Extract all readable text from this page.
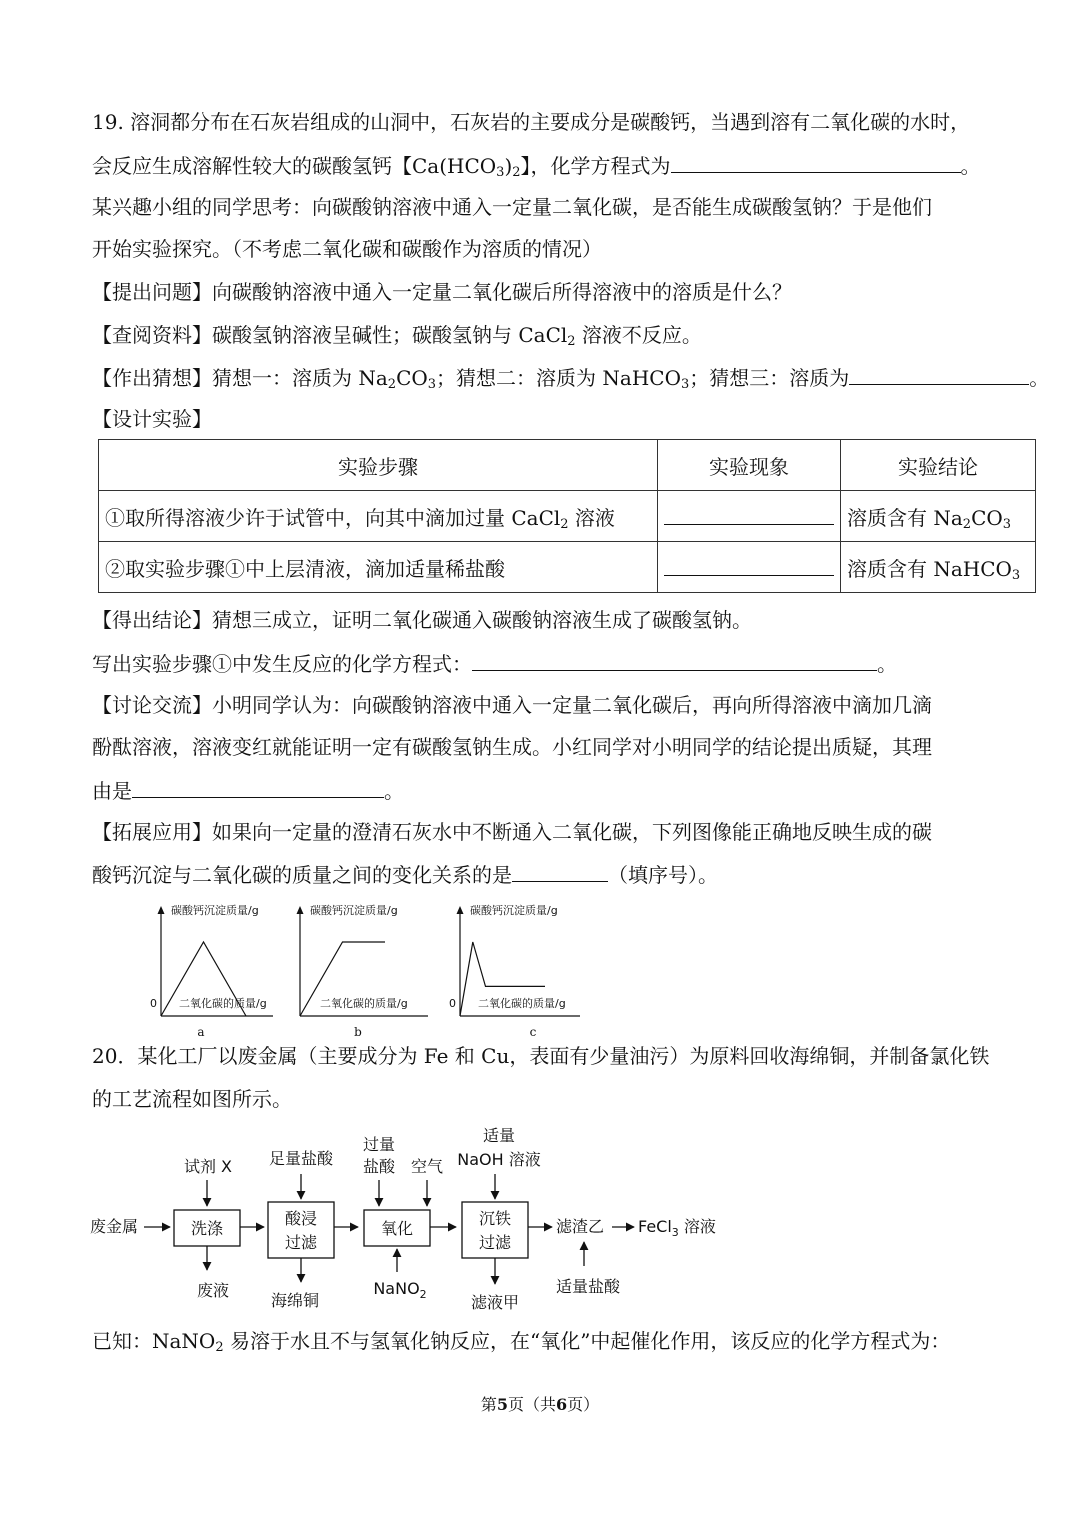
19. 溶洞都分布在石灰岩组成的山洞中，石灰岩的主要成分是碳酸钙，当遇到溶有二氧化碳的水时，
会反应生成溶解性较大的碳酸氢钙【$Ca(HCO_3)_2$】，化学方程式为	。
某兴趣小组的同学思考：向碳酸钠溶液中通入一定量二氧化碳，是否能生成碳酸氢钠？于是他们
开始实验探究。（不考虑二氧化碳和碳酸作为溶质的情况）
【提出问题】向碳酸钠溶液中通入一定量二氧化碳后所得溶液中的溶质是什么？
【查阅资料】碳酸氢钠溶液呈碱性；碳酸氢钠与 CaCl$_2$ 溶液不反应。
【作出猜想】猜想一：溶质为 $Na_2CO_3$；猜想二：溶质为 NaHCO$_3$；猜想三：溶质为	。
【设计实验】
实验步骤	实验现象	实验结论
①取所得溶液少许于试管中，向其中滴加过量 CaCl$_2$ 溶液		溶质含有 $Na_2CO_3$
②取实验步骤①中上层清液，滴加适量稀盐酸		溶质含有 NaHCO$_3$
【得出结论】猜想三成立，证明二氧化碳通入碳酸钠溶液生成了碳酸氢钠。
写出实验步骤①中发生反应的化学方程式：	。
【讨论交流】小明同学认为：向碳酸钠溶液中通入一定量二氧化碳后，再向所得溶液中滴加几滴
酚酞溶液，溶液变红就能证明一定有碳酸氢钠生成。小红同学对小明同学的结论提出质疑，其理
由是	。
【拓展应用】如果向一定量的澄清石灰水中不断通入二氧化碳，下列图像能正确地反映生成的碳
酸钙沉淀与二氧化碳的质量之间的变化关系的是	（填序号）。
碳酸钙沉淀质量/g
0 二氧化碳的质量/g
a
碳酸钙沉淀质量/g
二氧化碳的质量/g
b
碳酸钙沉淀质量/g
0 二氧化碳的质量/g
c
20．某化工厂以废金属（主要成分为 Fe 和 Cu，表面有少量油污）为原料回收海绵铜，并制备氯化铁
的工艺流程如图所示。
废金属	洗涤
酸浸
过滤
氧化
沉铁
过滤
滤渣乙 FeCl$_3$ 溶液
试剂 X 足量盐酸
过量
盐酸 空气
适量
NaOH 溶液
废液
海绵铜
NaNO$_2$	滤液甲
适量盐酸
已知：NaNO$_2$ 易溶于水且不与氢氧化钠反应，在“氧化”中起催化作用，该反应的化学方程式为：
第5页（共6页）
